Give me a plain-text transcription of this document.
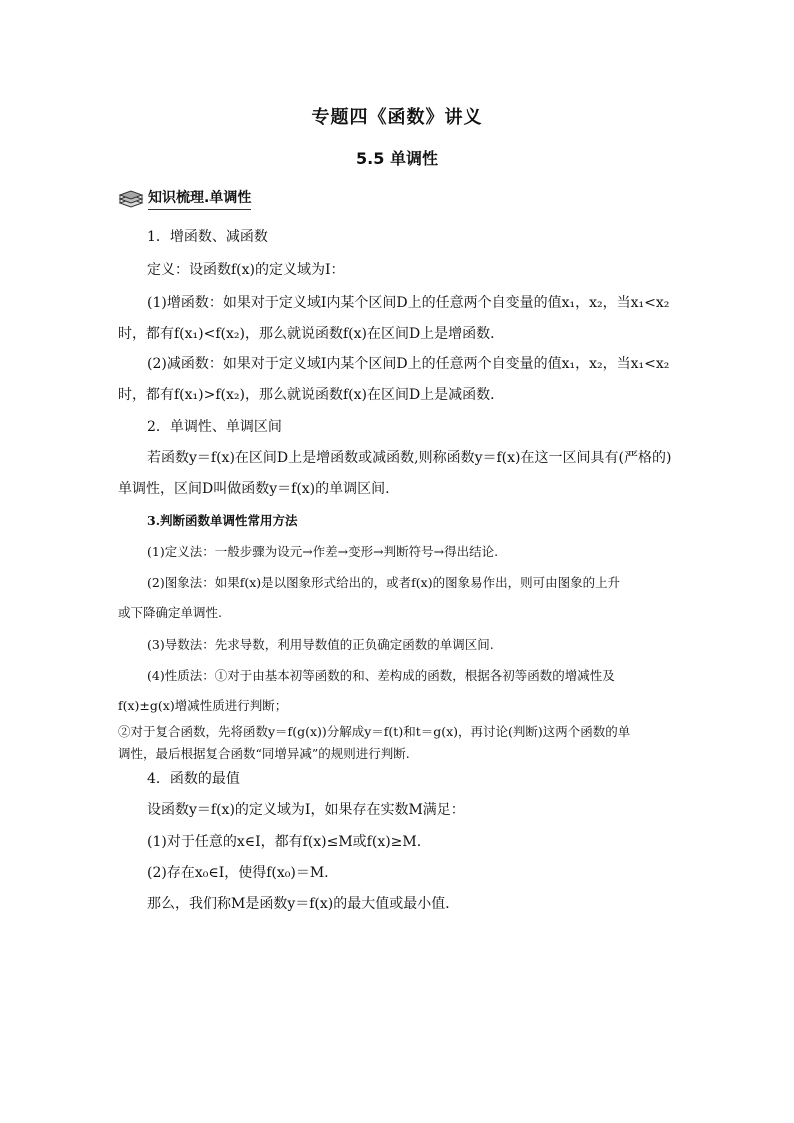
专题四《函数》讲义
5.5 单调性
知识梳理.单调性
1．增函数、减函数
定义：设函数f(x)的定义域为I：
(1)增函数：如果对于定义域I内某个区间D上的任意两个自变量的值x₁，x₂，当x₁<x₂
时，都有f(x₁)<f(x₂)，那么就说函数f(x)在区间D上是增函数．
(2)减函数：如果对于定义域I内某个区间D上的任意两个自变量的值x₁，x₂，当x₁<x₂
时，都有f(x₁)>f(x₂)，那么就说函数f(x)在区间D上是减函数．
2．单调性、单调区间
若函数y＝f(x)在区间D上是增函数或减函数,则称函数y＝f(x)在这一区间具有(严格的)
单调性，区间D叫做函数y＝f(x)的单调区间.
3.判断函数单调性常用方法
(1)定义法：一般步骤为设元→作差→变形→判断符号→得出结论.
(2)图象法：如果f(x)是以图象形式给出的，或者f(x)的图象易作出，则可由图象的上升
或下降确定单调性.
(3)导数法：先求导数，利用导数值的正负确定函数的单调区间.
(4)性质法：①对于由基本初等函数的和、差构成的函数，根据各初等函数的增减性及
f(x)±g(x)增减性质进行判断；
②对于复合函数，先将函数y＝f(g(x))分解成y＝f(t)和t＝g(x)，再讨论(判断)这两个函数的单
调性，最后根据复合函数“同增异减”的规则进行判断.
4．函数的最值
设函数y＝f(x)的定义域为I，如果存在实数M满足：
(1)对于任意的x∈I，都有f(x)≤M或f(x)≥M.
(2)存在x₀∈I，使得f(x₀)＝M.
那么，我们称M是函数y＝f(x)的最大值或最小值．
